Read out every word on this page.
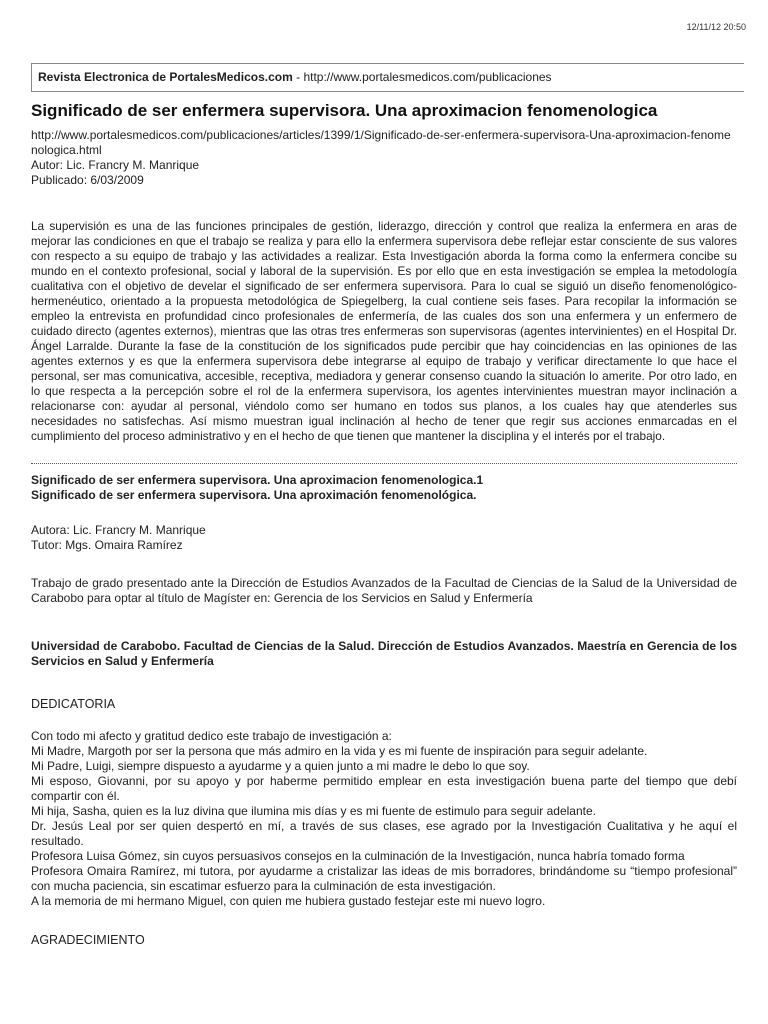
12/11/12 20:50
Revista Electronica de PortalesMedicos.com - http://www.portalesmedicos.com/publicaciones
Significado de ser enfermera supervisora. Una aproximacion fenomenologica
http://www.portalesmedicos.com/publicaciones/articles/1399/1/Significado-de-ser-enfermera-supervisora-Una-aproximacion-fenomenologica.html
Autor: Lic. Francry M. Manrique
Publicado: 6/03/2009
La supervisión es una de las funciones principales de gestión, liderazgo, dirección y control que realiza la enfermera en aras de mejorar las condiciones en que el trabajo se realiza y para ello la enfermera supervisora debe reflejar estar consciente de sus valores con respecto a su equipo de trabajo y las actividades a realizar. Esta Investigación aborda la forma como la enfermera concibe su mundo en el contexto profesional, social y laboral de la supervisión. Es por ello que en esta investigación se emplea la metodología cualitativa con el objetivo de develar el significado de ser enfermera supervisora. Para lo cual se siguió un diseño fenomenológico-hermenéutico, orientado a la propuesta metodológica de Spiegelberg, la cual contiene seis fases. Para recopilar la información se empleo la entrevista en profundidad cinco profesionales de enfermería, de las cuales dos son una enfermera y un enfermero de cuidado directo (agentes externos), mientras que las otras tres enfermeras son supervisoras (agentes intervinientes) en el Hospital Dr. Ángel Larralde. Durante la fase de la constitución de los significados pude percibir que hay coincidencias en las opiniones de las agentes externos y es que la enfermera supervisora debe integrarse al equipo de trabajo y verificar directamente lo que hace el personal, ser mas comunicativa, accesible, receptiva, mediadora y generar consenso cuando la situación lo amerite. Por otro lado, en lo que respecta a la percepción sobre el rol de la enfermera supervisora, los agentes intervinientes muestran mayor inclinación a relacionarse con: ayudar al personal, viéndolo como ser humano en todos sus planos, a los cuales hay que atenderles sus necesidades no satisfechas. Así mismo muestran igual inclinación al hecho de tener que regir sus acciones enmarcadas en el cumplimiento del proceso administrativo y en el hecho de que tienen que mantener la disciplina y el interés por el trabajo.
Significado de ser enfermera supervisora. Una aproximacion fenomenologica.1
Significado de ser enfermera supervisora. Una aproximación fenomenológica.
Autora: Lic. Francry M. Manrique
Tutor: Mgs. Omaira Ramírez
Trabajo de grado presentado ante la Dirección de Estudios Avanzados de la Facultad de Ciencias de la Salud de la Universidad de Carabobo para optar al título de Magíster en: Gerencia de los Servicios en Salud y Enfermería
Universidad de Carabobo. Facultad de Ciencias de la Salud. Dirección de Estudios Avanzados. Maestría en Gerencia de los Servicios en Salud y Enfermería
DEDICATORIA
Con todo mi afecto y gratitud dedico este trabajo de investigación a:
Mi Madre, Margoth por ser la persona que más admiro en la vida y es mi fuente de inspiración para seguir adelante.
Mi Padre, Luigi, siempre dispuesto a ayudarme y a quien junto a mi madre le debo lo que soy.
Mi esposo, Giovanni, por su apoyo y por haberme permitido emplear en esta investigación buena parte del tiempo que debí compartir con él.
Mi hija, Sasha, quien es la luz divina que ilumina mis días y es mi fuente de estimulo para seguir adelante.
Dr. Jesús Leal por ser quien despertó en mí, a través de sus clases, ese agrado por la Investigación Cualitativa y he aquí el resultado.
Profesora Luisa Gómez, sin cuyos persuasivos consejos en la culminación de la Investigación, nunca habría tomado forma
Profesora Omaira Ramírez, mi tutora, por ayudarme a cristalizar las ideas de mis borradores, brindándome su “tiempo profesional” con mucha paciencia, sin escatimar esfuerzo para la culminación de esta investigación.
A la memoria de mi hermano Miguel, con quien me hubiera gustado festejar este mi nuevo logro.
AGRADECIMIENTO
